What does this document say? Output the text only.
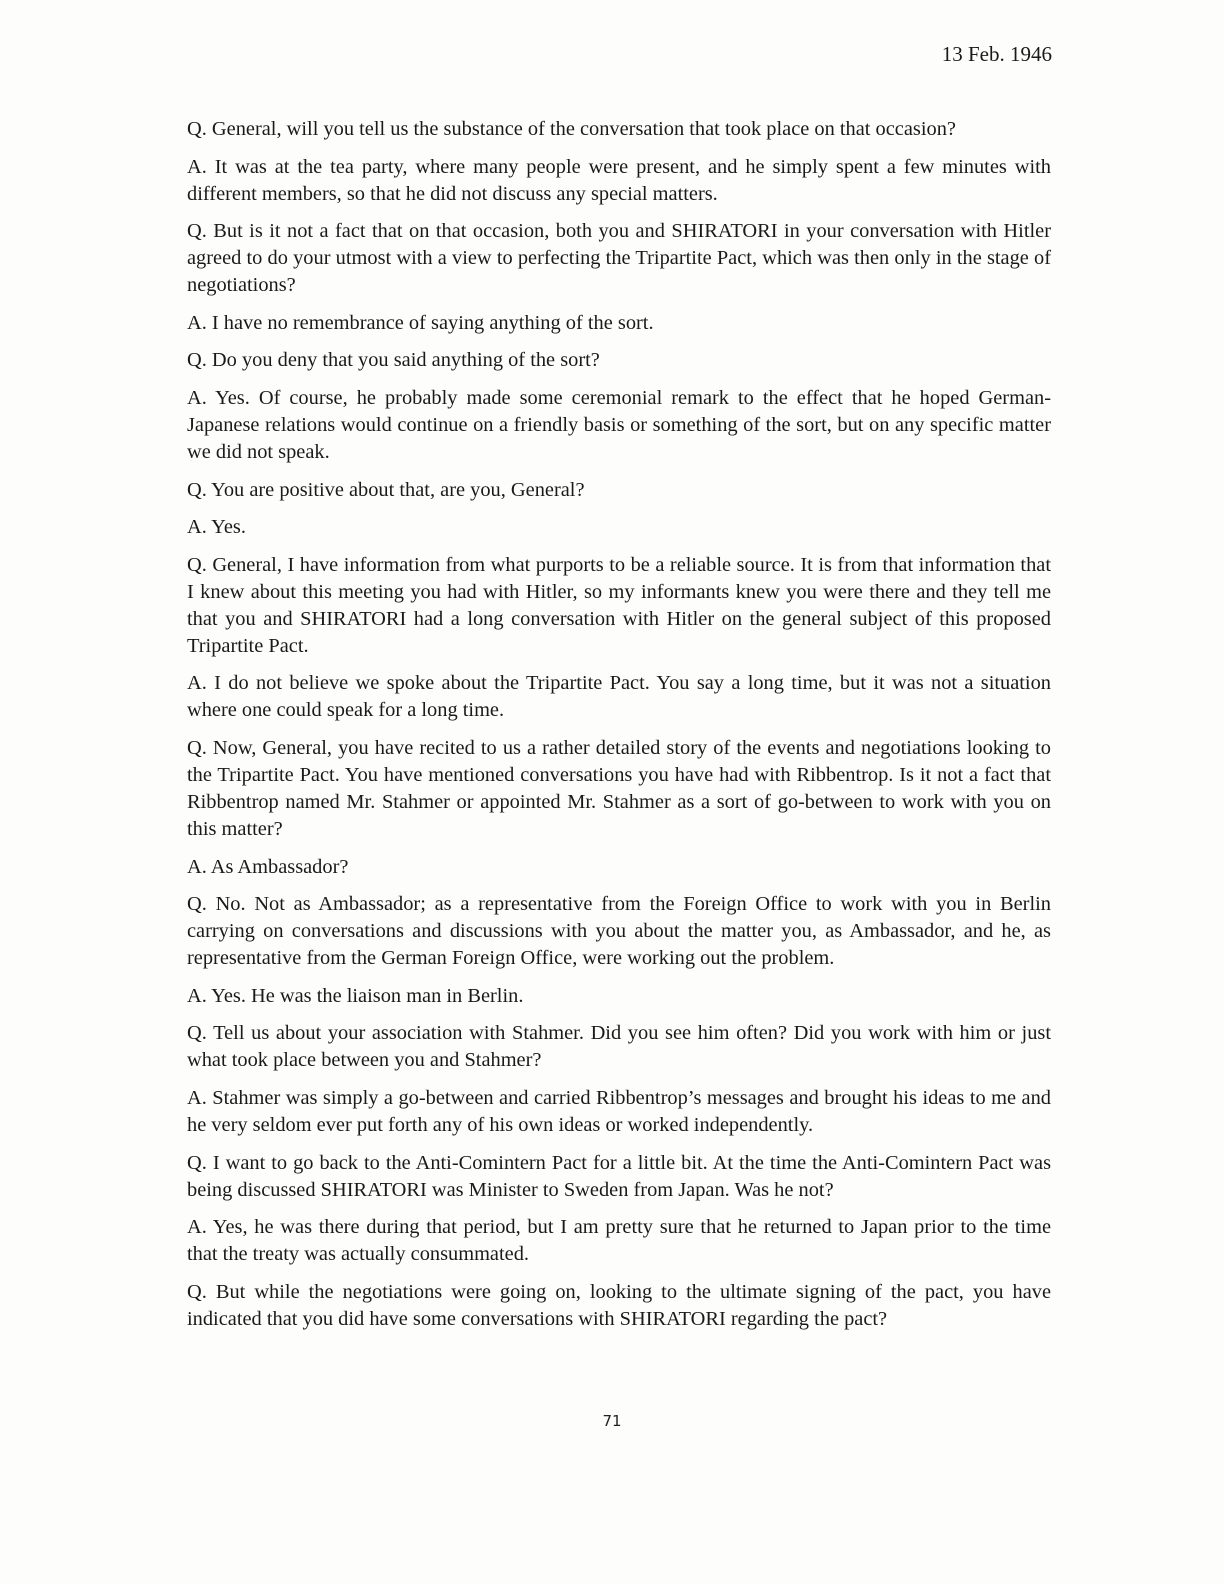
13 Feb. 1946

Q. General, will you tell us the substance of the conversation that took place on that occasion?

A. It was at the tea party, where many people were present, and he simply spent a few minutes with different members, so that he did not discuss any special matters.

Q. But is it not a fact that on that occasion, both you and SHIRATORI in your conversation with Hitler agreed to do your utmost with a view to perfecting the Tripartite Pact, which was then only in the stage of negotiations?

A. I have no remembrance of saying anything of the sort.

Q. Do you deny that you said anything of the sort?

A. Yes. Of course, he probably made some ceremonial remark to the effect that he hoped German-Japanese relations would continue on a friendly basis or something of the sort, but on any specific matter we did not speak.

Q. You are positive about that, are you, General?

A. Yes.

Q. General, I have information from what purports to be a reliable source. It is from that information that I knew about this meeting you had with Hitler, so my informants knew you were there and they tell me that you and SHIRATORI had a long conversation with Hitler on the general subject of this proposed Tripartite Pact.

A. I do not believe we spoke about the Tripartite Pact. You say a long time, but it was not a situation where one could speak for a long time.

Q. Now, General, you have recited to us a rather detailed story of the events and negotiations looking to the Tripartite Pact. You have mentioned conversations you have had with Ribbentrop. Is it not a fact that Ribbentrop named Mr. Stahmer or appointed Mr. Stahmer as a sort of go-between to work with you on this matter?

A. As Ambassador?

Q. No. Not as Ambassador; as a representative from the Foreign Office to work with you in Berlin carrying on conversations and discussions with you about the matter you, as Ambassador, and he, as representative from the German Foreign Office, were working out the problem.

A. Yes. He was the liaison man in Berlin.

Q. Tell us about your association with Stahmer. Did you see him often? Did you work with him or just what took place between you and Stahmer?

A. Stahmer was simply a go-between and carried Ribbentrop’s messages and brought his ideas to me and he very seldom ever put forth any of his own ideas or worked independently.

Q. I want to go back to the Anti-Comintern Pact for a little bit. At the time the Anti-Comintern Pact was being discussed SHIRATORI was Minister to Sweden from Japan. Was he not?

A. Yes, he was there during that period, but I am pretty sure that he returned to Japan prior to the time that the treaty was actually consummated.

Q. But while the negotiations were going on, looking to the ultimate signing of the pact, you have indicated that you did have some conversations with SHIRATORI regarding the pact?

71
